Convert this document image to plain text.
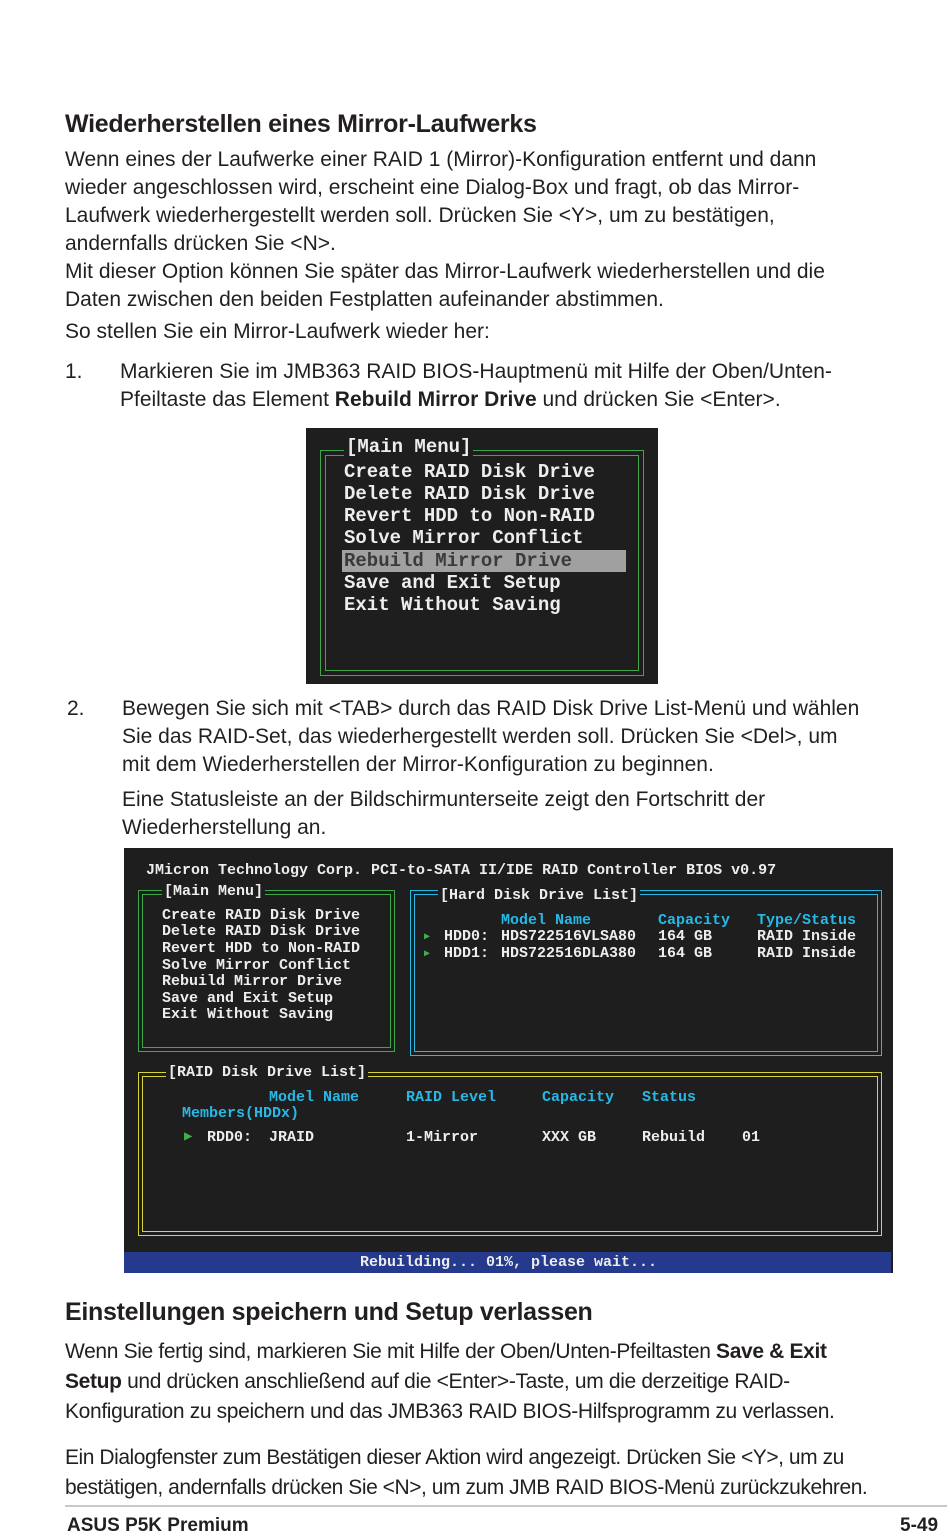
Wiederherstellen eines Mirror-Laufwerks
Wenn eines der Laufwerke einer RAID 1 (Mirror)-Konfiguration entfernt und dann
wieder angeschlossen wird, erscheint eine Dialog-Box und fragt, ob das Mirror-
Laufwerk wiederhergestellt werden soll. Drücken Sie <Y>, um zu bestätigen,
andernfalls drücken Sie <N>.
Mit dieser Option können Sie später das Mirror-Laufwerk wiederherstellen und die
Daten zwischen den beiden Festplatten aufeinander abstimmen.
So stellen Sie ein Mirror-Laufwerk wieder her:
1. Markieren Sie im JMB363 RAID BIOS-Hauptmenü mit Hilfe der Oben/Unten-
Pfeiltaste das Element Rebuild Mirror Drive und drücken Sie <Enter>.
[Main Menu]
Create RAID Disk Drive
Delete RAID Disk Drive
Revert HDD to Non-RAID
Solve Mirror Conflict
Rebuild Mirror Drive
Save and Exit Setup
Exit Without Saving
2. Bewegen Sie sich mit <TAB> durch das RAID Disk Drive List-Menü und wählen
Sie das RAID-Set, das wiederhergestellt werden soll. Drücken Sie <Del>, um
mit dem Wiederherstellen der Mirror-Konfiguration zu beginnen.
Eine Statusleiste an der Bildschirmunterseite zeigt den Fortschritt der
Wiederherstellung an.
JMicron Technology Corp. PCI-to-SATA II/IDE RAID Controller BIOS v0.97
[Main Menu]
Create RAID Disk Drive
Delete RAID Disk Drive
Revert HDD to Non-RAID
Solve Mirror Conflict
Rebuild Mirror Drive
Save and Exit Setup
Exit Without Saving
[Hard Disk Drive List]
Model Name	Capacity Type/Status
▶ HDD0: HDS722516VLSA80 164 GB	RAID Inside
▶ HDD1: HDS722516DLA380 164 GB	RAID Inside
[RAID Disk Drive List]
Model Name	RAID Level	Capacity Status
Members(HDDx)
▶ RDD0: JRAID	1-Mirror	XXX GB	Rebuild 01
Rebuilding... 01%, please wait...
Einstellungen speichern und Setup verlassen
Wenn Sie fertig sind, markieren Sie mit Hilfe der Oben/Unten-Pfeiltasten Save & Exit
Setup und drücken anschließend auf die <Enter>-Taste, um die derzeitige RAID-
Konfiguration zu speichern und das JMB363 RAID BIOS-Hilfsprogramm zu verlassen.
Ein Dialogfenster zum Bestätigen dieser Aktion wird angezeigt. Drücken Sie <Y>, um zu
bestätigen, andernfalls drücken Sie <N>, um zum JMB RAID BIOS-Menü zurückzukehren.
ASUS P5K Premium	5-49
